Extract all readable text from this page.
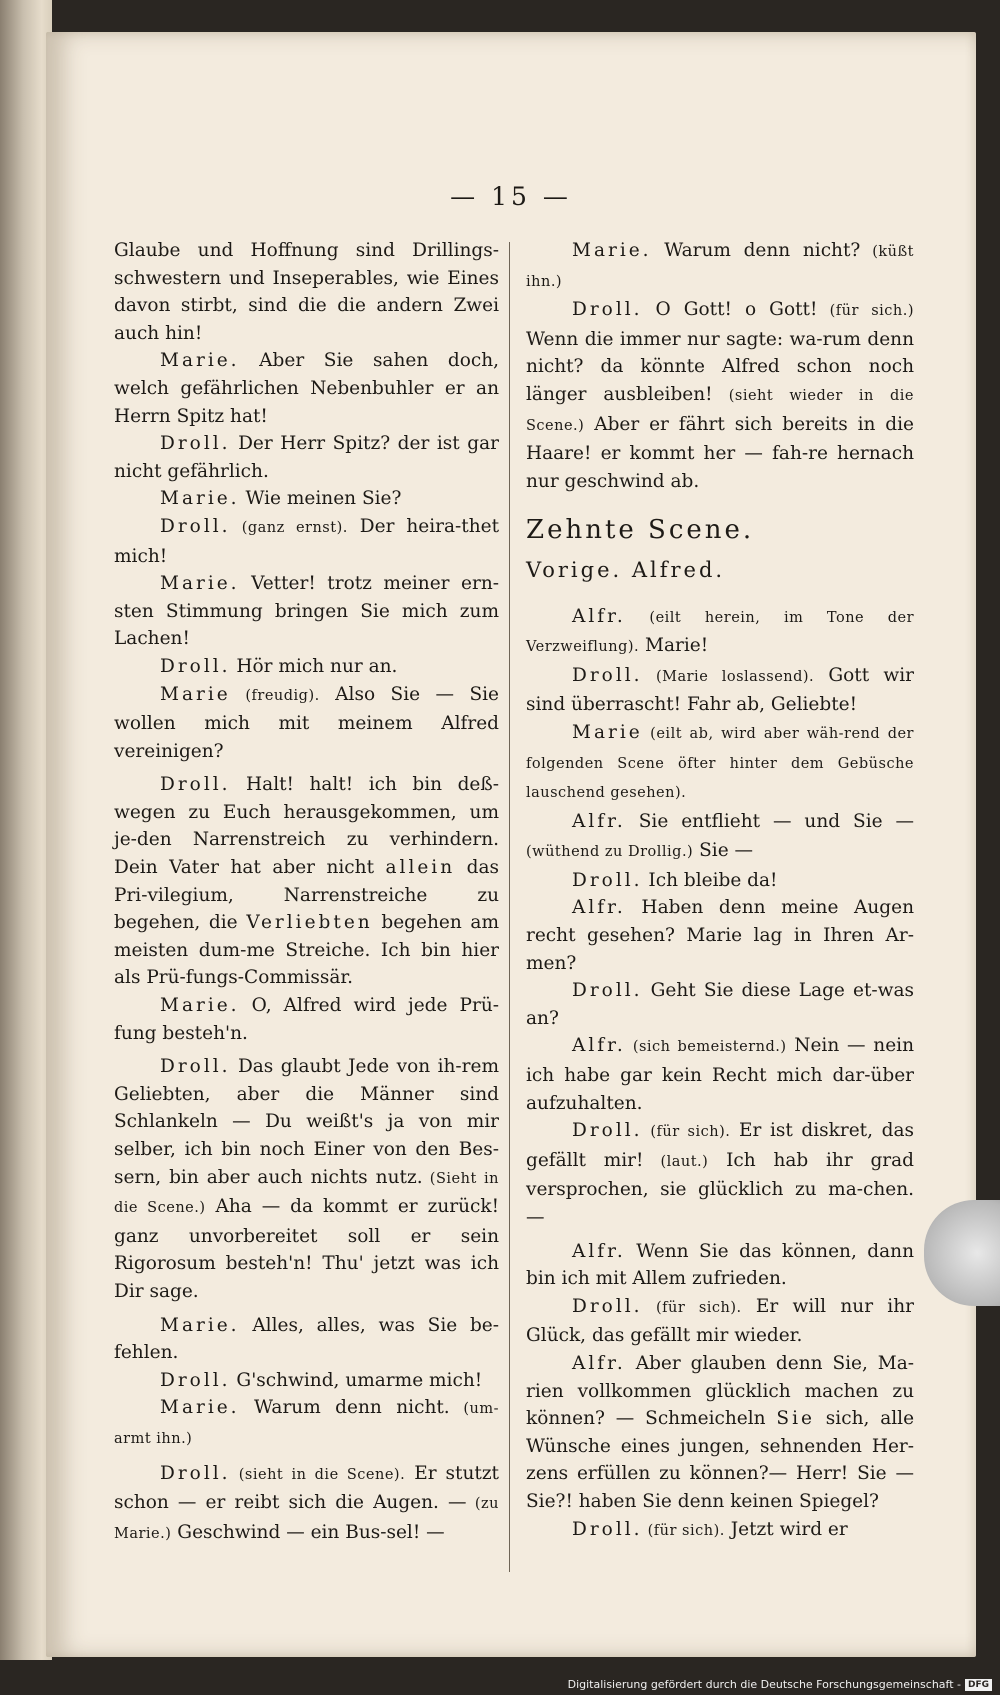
— 15 —

Glaube und Hoffnung sind Drillings-schwestern und Inseperables, wie Eines davon stirbt, sind die die andern Zwei auch hin!

Marie. Aber Sie sahen doch, welch gefährlichen Nebenbuhler er an Herrn Spitz hat!

Droll. Der Herr Spitz? der ist gar nicht gefährlich.

Marie. Wie meinen Sie?

Droll. (ganz ernst). Der heira-thet mich!

Marie. Vetter! trotz meiner ern-sten Stimmung bringen Sie mich zum Lachen!

Droll. Hör mich nur an.

Marie (freudig). Also Sie — Sie wollen mich mit meinem Alfred vereinigen?

Droll. Halt! halt! ich bin deß-wegen zu Euch herausgekommen, um je-den Narrenstreich zu verhindern. Dein Vater hat aber nicht allein das Pri-vilegium, Narrenstreiche zu begehen, die Verliebten begehen am meisten dum-me Streiche. Ich bin hier als Prü-fungs-Commissär.

Marie. O, Alfred wird jede Prü-fung besteh'n.

Droll. Das glaubt Jede von ih-rem Geliebten, aber die Männer sind Schlankeln — Du weißt's ja von mir selber, ich bin noch Einer von den Bes-sern, bin aber auch nichts nutz. (Sieht in die Scene.) Aha — da kommt er zurück! ganz unvorbereitet soll er sein Rigorosum besteh'n! Thu' jetzt was ich Dir sage.

Marie. Alles, alles, was Sie be-fehlen.

Droll. G'schwind, umarme mich!

Marie. Warum denn nicht. (um-armt ihn.)

Droll. (sieht in die Scene). Er stutzt schon — er reibt sich die Augen. — (zu Marie.) Geschwind — ein Bus-sel! —

Marie. Warum denn nicht? (küßt ihn.)

Droll. O Gott! o Gott! (für sich.) Wenn die immer nur sagte: wa-rum denn nicht? da könnte Alfred schon noch länger ausbleiben! (sieht wieder in die Scene.) Aber er fährt sich bereits in die Haare! er kommt her — fah-re hernach nur geschwind ab.

Zehnte Scene.

Vorige. Alfred.

Alfr. (eilt herein, im Tone der Verzweiflung). Marie!

Droll. (Marie loslassend). Gott wir sind überrascht! Fahr ab, Geliebte!

Marie (eilt ab, wird aber wäh-rend der folgenden Scene öfter hinter dem Gebüsche lauschend gesehen).

Alfr. Sie entflieht — und Sie — (wüthend zu Drollig.) Sie —

Droll. Ich bleibe da!

Alfr. Haben denn meine Augen recht gesehen? Marie lag in Ihren Ar-men?

Droll. Geht Sie diese Lage et-was an?

Alfr. (sich bemeisternd.) Nein — nein ich habe gar kein Recht mich dar-über aufzuhalten.

Droll. (für sich). Er ist diskret, das gefällt mir! (laut.) Ich hab ihr grad versprochen, sie glücklich zu ma-chen. —

Alfr. Wenn Sie das können, dann bin ich mit Allem zufrieden.

Droll. (für sich). Er will nur ihr Glück, das gefällt mir wieder.

Alfr. Aber glauben denn Sie, Ma-rien vollkommen glücklich machen zu können? — Schmeicheln Sie sich, alle Wünsche eines jungen, sehnenden Her-zens erfüllen zu können?— Herr! Sie — Sie?! haben Sie denn keinen Spiegel?

Droll. (für sich). Jetzt wird er

Digitalisierung gefördert durch die Deutsche Forschungsgemeinschaft - DFG
